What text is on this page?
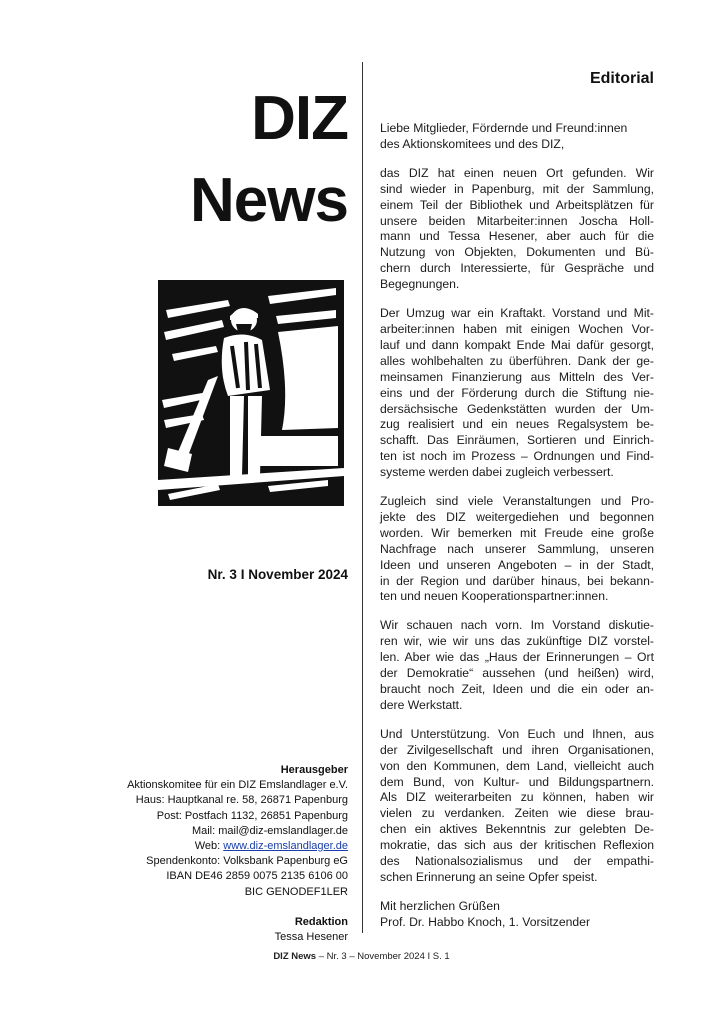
DIZ
News
Nr. 3 I November 2024
Herausgeber
Aktionskomitee für ein DIZ Emslandlager e.V.
Haus: Hauptkanal re. 58, 26871 Papenburg
Post: Postfach 1132, 26851 Papenburg
Mail: mail@diz-emslandlager.de
Web: www.diz-emslandlager.de
Spendenkonto: Volksbank Papenburg eG
IBAN DE46 2859 0075 2135 6106 00
BIC GENODEF1LER
Redaktion
Tessa Hesener
Editorial

Liebe Mitglieder, Fördernde und Freund:innen
des Aktionskomitees und des DIZ,

das DIZ hat einen neuen Ort gefunden. Wir
sind wieder in Papenburg, mit der Sammlung,
einem Teil der Bibliothek und Arbeitsplätzen für
unsere beiden Mitarbeiter:innen Joscha Holl-
mann und Tessa Hesener, aber auch für die
Nutzung von Objekten, Dokumenten und Bü-
chern durch Interessierte, für Gespräche und
Begegnungen.

Der Umzug war ein Kraftakt. Vorstand und Mit-
arbeiter:innen haben mit einigen Wochen Vor-
lauf und dann kompakt Ende Mai dafür gesorgt,
alles wohlbehalten zu überführen. Dank der ge-
meinsamen Finanzierung aus Mitteln des Ver-
eins und der Förderung durch die Stiftung nie-
dersächsische Gedenkstätten wurden der Um-
zug realisiert und ein neues Regalsystem be-
schafft. Das Einräumen, Sortieren und Einrich-
ten ist noch im Prozess – Ordnungen und Find-
systeme werden dabei zugleich verbessert.

Zugleich sind viele Veranstaltungen und Pro-
jekte des DIZ weitergediehen und begonnen
worden. Wir bemerken mit Freude eine große
Nachfrage nach unserer Sammlung, unseren
Ideen und unseren Angeboten – in der Stadt,
in der Region und darüber hinaus, bei bekann-
ten und neuen Kooperationspartner:innen.

Wir schauen nach vorn. Im Vorstand diskutie-
ren wir, wie wir uns das zukünftige DIZ vorstel-
len. Aber wie das „Haus der Erinnerungen – Ort
der Demokratie“ aussehen (und heißen) wird,
braucht noch Zeit, Ideen und die ein oder an-
dere Werkstatt.

Und Unterstützung. Von Euch und Ihnen, aus
der Zivilgesellschaft und ihren Organisationen,
von den Kommunen, dem Land, vielleicht auch
dem Bund, von Kultur- und Bildungspartnern.
Als DIZ weiterarbeiten zu können, haben wir
vielen zu verdanken. Zeiten wie diese brau-
chen ein aktives Bekenntnis zur gelebten De-
mokratie, das sich aus der kritischen Reflexion
des Nationalsozialismus und der empathi-
schen Erinnerung an seine Opfer speist.

Mit herzlichen Grüßen
Prof. Dr. Habbo Knoch, 1. Vorsitzender

DIZ News – Nr. 3 – November 2024 I S. 1
